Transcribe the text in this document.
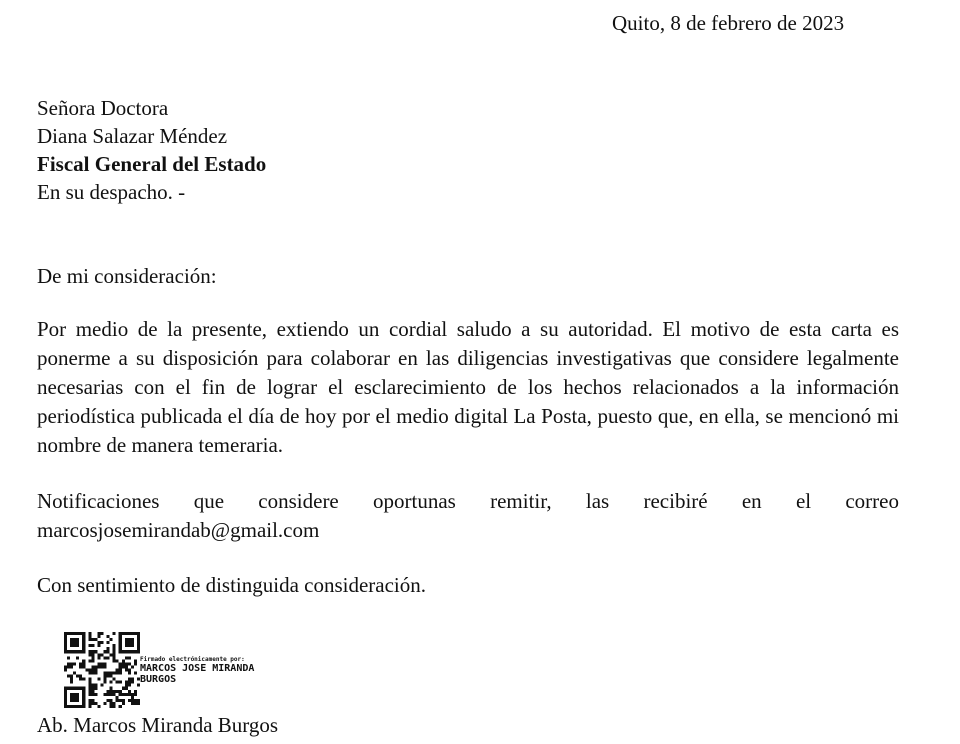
Quito, 8 de febrero de 2023
Señora Doctora
Diana Salazar Méndez
Fiscal General del Estado
En su despacho. -
De mi consideración:
Por medio de la presente, extiendo un cordial saludo a su autoridad. El motivo de esta carta es ponerme a su disposición para colaborar en las diligencias investigativas que considere legalmente necesarias con el fin de lograr el esclarecimiento de los hechos relacionados a la información periodística publicada el día de hoy por el medio digital La Posta, puesto que, en ella, se mencionó mi nombre de manera temeraria.
Notificaciones que considere oportunas remitir, las recibiré en el correo marcosjosemirandab@gmail.com
Con sentimiento de distinguida consideración.
Firmado electrónicamente por:
MARCOS JOSE MIRANDA
BURGOS
Ab. Marcos Miranda Burgos
